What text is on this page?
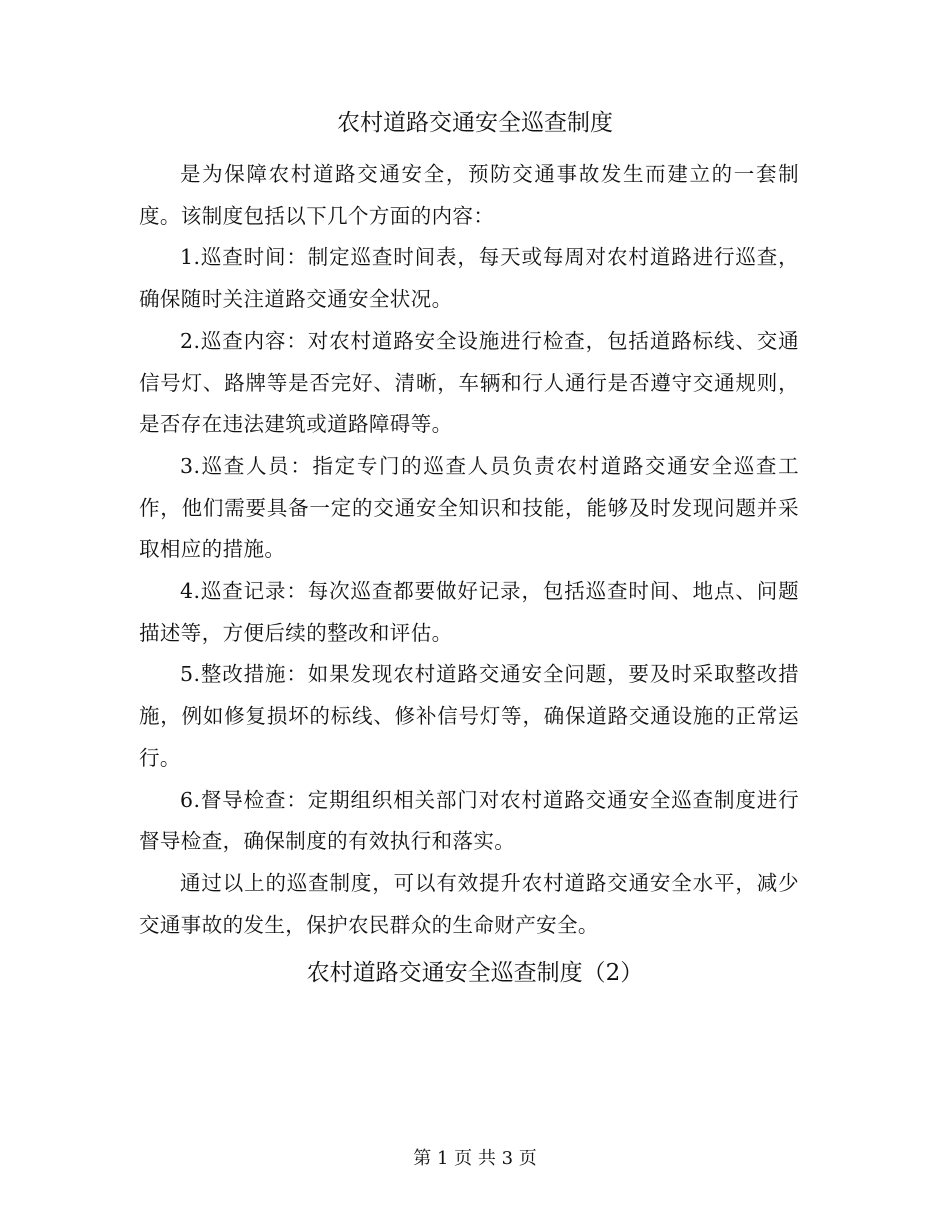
农村道路交通安全巡查制度

是为保障农村道路交通安全，预防交通事故发生而建立的一套制度。该制度包括以下几个方面的内容：

1.巡查时间：制定巡查时间表，每天或每周对农村道路进行巡查，确保随时关注道路交通安全状况。

2.巡查内容：对农村道路安全设施进行检查，包括道路标线、交通信号灯、路牌等是否完好、清晰，车辆和行人通行是否遵守交通规则，是否存在违法建筑或道路障碍等。

3.巡查人员：指定专门的巡查人员负责农村道路交通安全巡查工作，他们需要具备一定的交通安全知识和技能，能够及时发现问题并采取相应的措施。

4.巡查记录：每次巡查都要做好记录，包括巡查时间、地点、问题描述等，方便后续的整改和评估。

5.整改措施：如果发现农村道路交通安全问题，要及时采取整改措施，例如修复损坏的标线、修补信号灯等，确保道路交通设施的正常运行。

6.督导检查：定期组织相关部门对农村道路交通安全巡查制度进行督导检查，确保制度的有效执行和落实。

通过以上的巡查制度，可以有效提升农村道路交通安全水平，减少交通事故的发生，保护农民群众的生命财产安全。

农村道路交通安全巡查制度（2）
第 1 页 共 3 页
